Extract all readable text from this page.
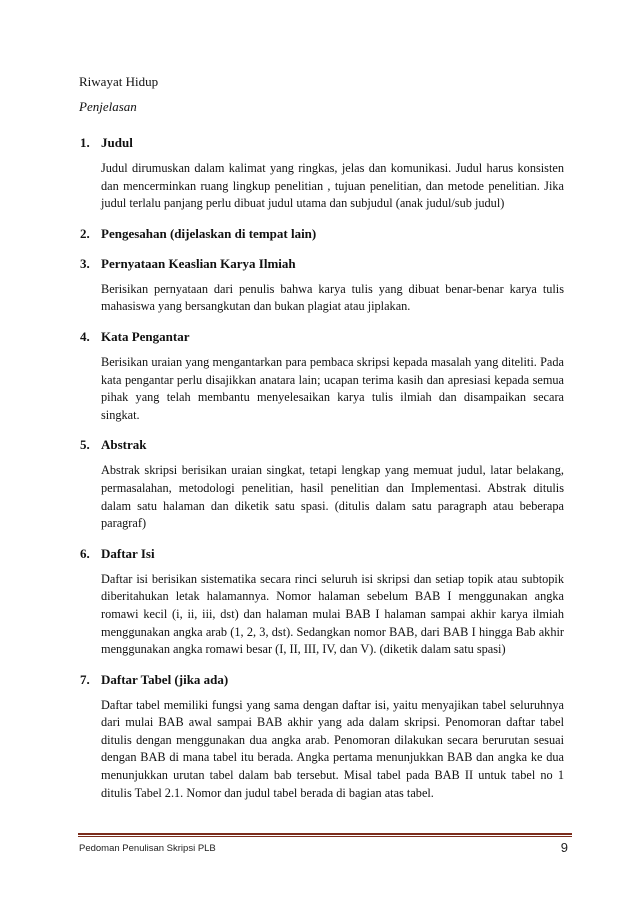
Riwayat Hidup
Penjelasan
1. Judul
Judul dirumuskan dalam kalimat yang ringkas, jelas dan komunikasi. Judul harus konsisten dan mencerminkan ruang lingkup penelitian , tujuan penelitian, dan metode penelitian. Jika judul terlalu panjang perlu dibuat judul utama dan subjudul (anak judul/sub judul)
2. Pengesahan (dijelaskan di tempat lain)
3. Pernyataan Keaslian Karya Ilmiah
Berisikan pernyataan dari penulis bahwa karya tulis yang dibuat benar-benar karya tulis mahasiswa yang bersangkutan dan bukan plagiat atau jiplakan.
4. Kata Pengantar
Berisikan uraian yang mengantarkan para pembaca skripsi kepada masalah yang diteliti. Pada kata pengantar perlu disajikkan anatara lain; ucapan terima kasih dan apresiasi kepada semua pihak yang telah membantu menyelesaikan karya tulis ilmiah dan disampaikan secara singkat.
5. Abstrak
Abstrak skripsi berisikan uraian singkat, tetapi lengkap yang memuat judul, latar belakang, permasalahan, metodologi penelitian, hasil penelitian dan Implementasi. Abstrak ditulis dalam satu halaman dan diketik satu spasi. (ditulis dalam satu paragraph atau beberapa paragraf)
6. Daftar Isi
Daftar isi berisikan sistematika secara rinci seluruh isi skripsi dan setiap topik atau subtopik diberitahukan letak halamannya. Nomor halaman sebelum BAB I menggunakan angka romawi kecil (i, ii, iii, dst) dan halaman mulai BAB I halaman sampai akhir karya ilmiah menggunakan angka arab (1, 2, 3, dst). Sedangkan nomor BAB, dari BAB I hingga Bab akhir menggunakan angka romawi besar (I, II, III, IV, dan V). (diketik dalam satu spasi)
7. Daftar Tabel (jika ada)
Daftar tabel memiliki fungsi yang sama dengan daftar isi, yaitu menyajikan tabel seluruhnya dari mulai BAB awal sampai BAB akhir yang ada dalam skripsi. Penomoran daftar tabel ditulis dengan menggunakan dua angka arab. Penomoran dilakukan secara berurutan sesuai dengan BAB di mana tabel itu berada. Angka pertama menunjukkan BAB dan angka ke dua menunjukkan urutan tabel dalam bab tersebut. Misal tabel pada BAB II untuk tabel no 1 ditulis Tabel 2.1. Nomor dan judul tabel berada di bagian atas tabel.
Pedoman Penulisan Skripsi PLB	9
